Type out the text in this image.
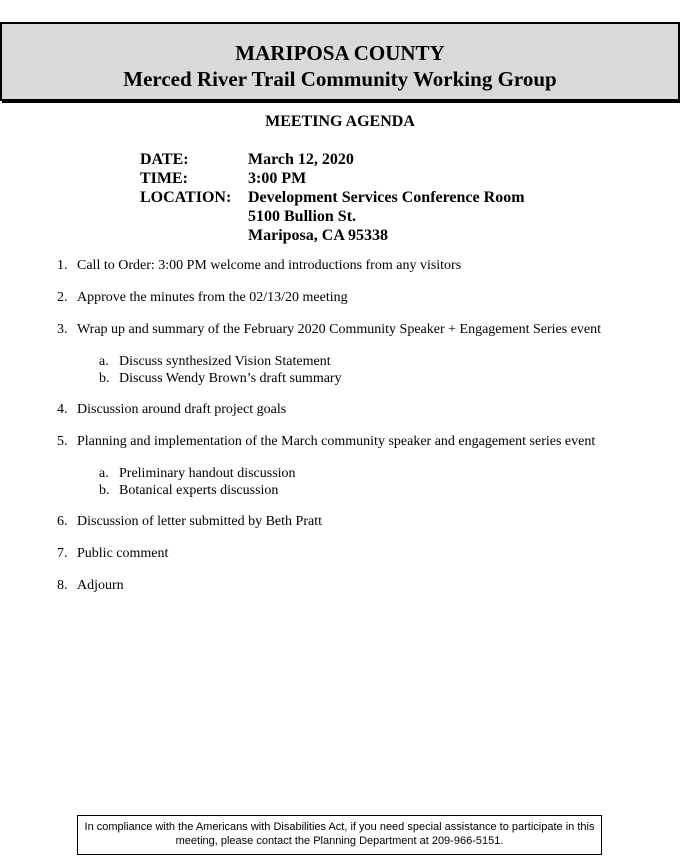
MARIPOSA COUNTY
Merced River Trail Community Working Group
MEETING AGENDA
DATE:	March 12, 2020
TIME:	3:00 PM
LOCATION: Development Services Conference Room
5100 Bullion St.
Mariposa, CA 95338
1. Call to Order: 3:00 PM welcome and introductions from any visitors
2. Approve the minutes from the 02/13/20 meeting
3. Wrap up and summary of the February 2020 Community Speaker + Engagement Series event
a. Discuss synthesized Vision Statement
b. Discuss Wendy Brown’s draft summary
4. Discussion around draft project goals
5. Planning and implementation of the March community speaker and engagement series event
a. Preliminary handout discussion
b. Botanical experts discussion
6. Discussion of letter submitted by Beth Pratt
7. Public comment
8. Adjourn
In compliance with the Americans with Disabilities Act, if you need special assistance to participate in this
meeting, please contact the Planning Department at 209-966-5151.
